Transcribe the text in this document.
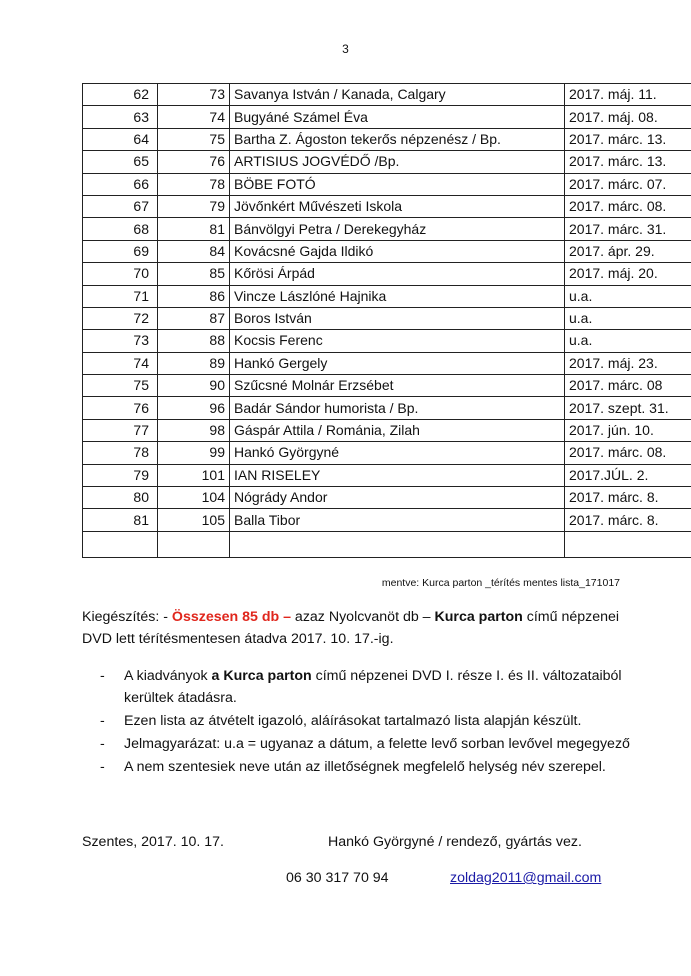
3
62	73	Savanya István / Kanada, Calgary	2017. máj. 11.
63	74	Bugyáné Számel Éva	2017. máj. 08.
64	75	Bartha Z. Ágoston tekerős népzenész / Bp.	2017. márc. 13.
65	76	ARTISIUS JOGVÉDŐ /Bp.	2017. márc. 13.
66	78	BÖBE FOTÓ	2017. márc. 07.
67	79	Jövőnkért Művészeti Iskola	2017. márc. 08.
68	81	Bánvölgyi Petra / Derekegyház	2017. márc. 31.
69	84	Kovácsné Gajda Ildikó	2017. ápr. 29.
70	85	Kőrösi Árpád	2017. máj. 20.
71	86	Vincze Lászlóné Hajnika	u.a.
72	87	Boros István	u.a.
73	88	Kocsis Ferenc	u.a.
74	89	Hankó Gergely	2017. máj. 23.
75	90	Szűcsné Molnár Erzsébet	2017. márc. 08
76	96	Badár Sándor humorista / Bp.	2017. szept. 31.
77	98	Gáspár Attila / Románia, Zilah	2017. jún. 10.
78	99	Hankó Györgyné	2017. márc. 08.
79	101	IAN RISELEY	2017.JÚL. 2.
80	104	Nógrády Andor	2017. márc. 8.
81	105	Balla Tibor	2017. márc. 8.

mentve: Kurca parton _térítés mentes lista_171017
Kiegészítés: - Összesen 85 db – azaz Nyolcvanöt db – Kurca parton című népzenei DVD lett térítésmentesen átadva 2017. 10. 17.-ig.
- A kiadványok a Kurca parton című népzenei DVD I. része I. és II. változataiból kerültek átadásra.
- Ezen lista az átvételt igazoló, aláírásokat tartalmazó lista alapján készült.
- Jelmagyarázat: u.a = ugyanaz a dátum, a felette levő sorban levővel megegyező
- A nem szentesiek neve után az illetőségnek megfelelő helység név szerepel.
Szentes, 2017. 10. 17.	Hankó Györgyné / rendező, gyártás vez.
06 30 317 70 94	zoldag2011@gmail.com
